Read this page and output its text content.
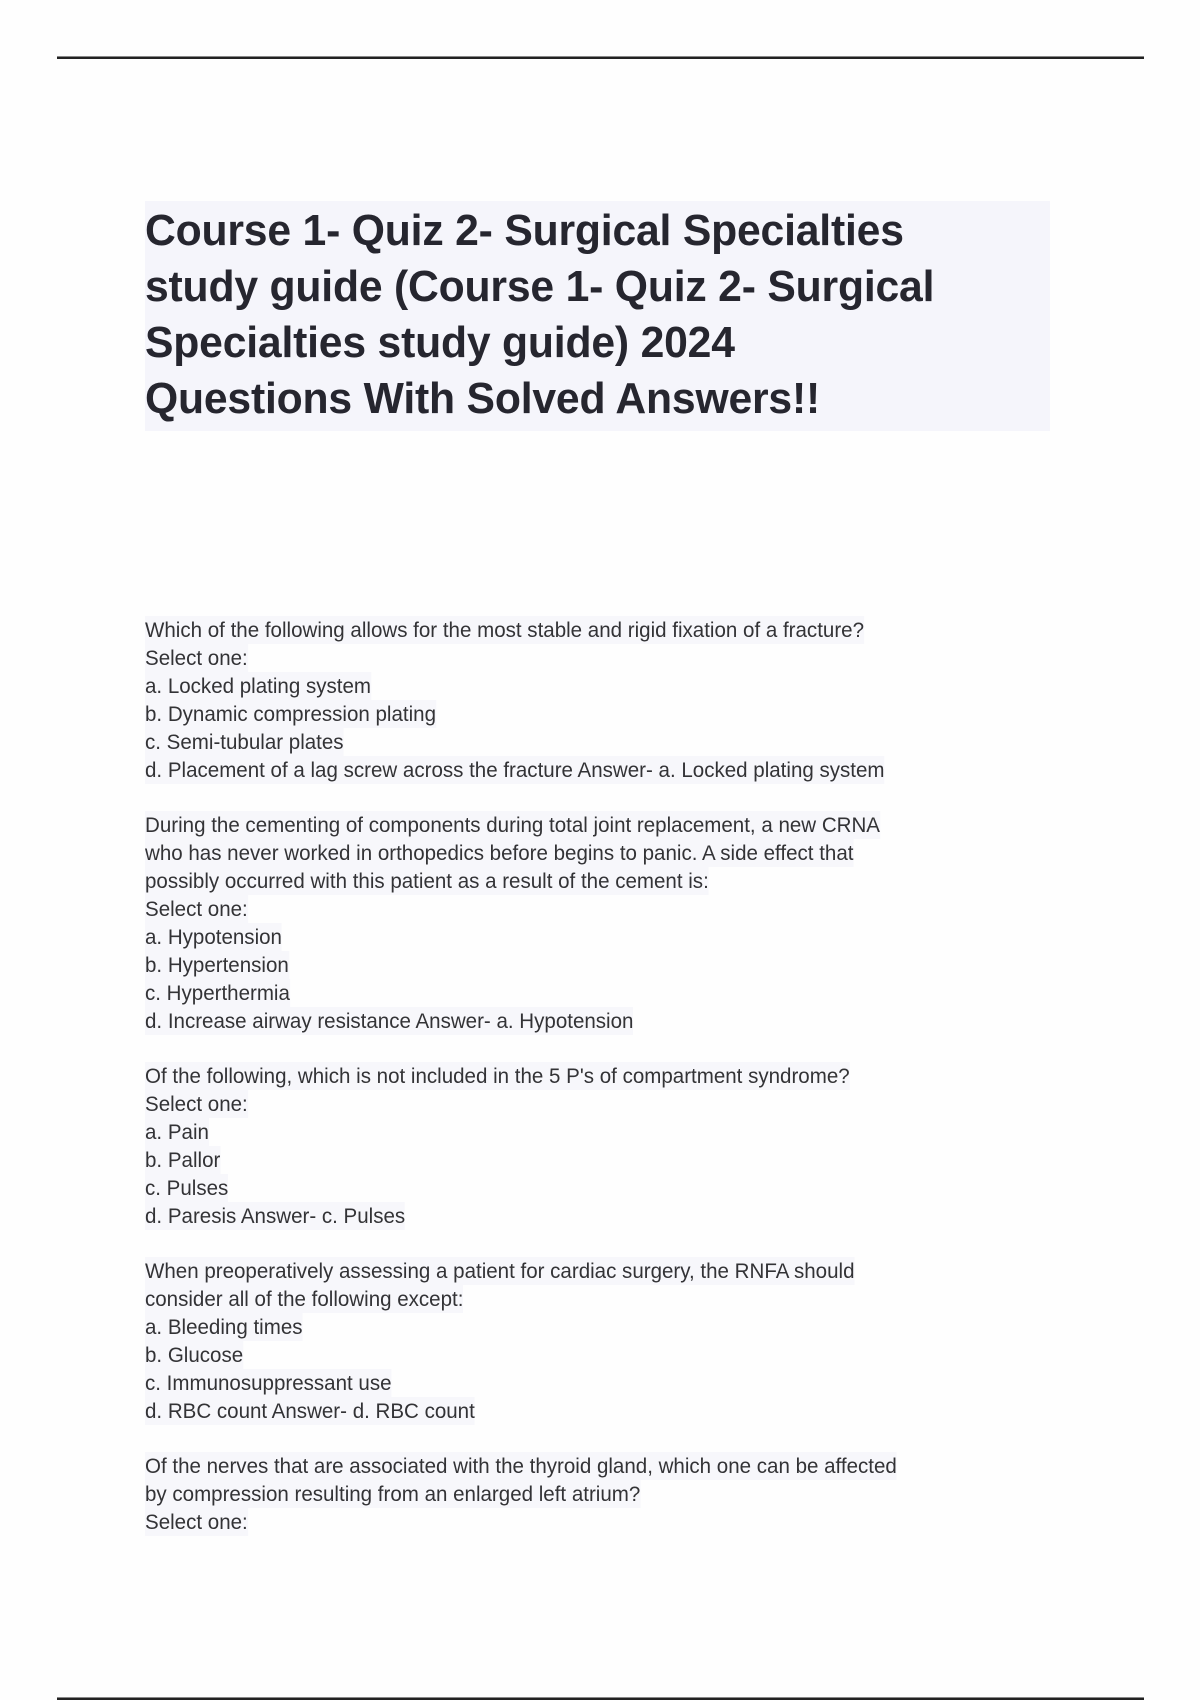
Course 1- Quiz 2- Surgical Specialties
study guide (Course 1- Quiz 2- Surgical
Specialties study guide) 2024
Questions With Solved Answers!!
Which of the following allows for the most stable and rigid fixation of a fracture?
Select one:
a. Locked plating system
b. Dynamic compression plating
c. Semi-tubular plates
d. Placement of a lag screw across the fracture Answer- a. Locked plating system
During the cementing of components during total joint replacement, a new CRNA
who has never worked in orthopedics before begins to panic. A side effect that
possibly occurred with this patient as a result of the cement is:
Select one:
a. Hypotension
b. Hypertension
c. Hyperthermia
d. Increase airway resistance Answer- a. Hypotension
Of the following, which is not included in the 5 P's of compartment syndrome?
Select one:
a. Pain
b. Pallor
c. Pulses
d. Paresis Answer- c. Pulses
When preoperatively assessing a patient for cardiac surgery, the RNFA should
consider all of the following except:
a. Bleeding times
b. Glucose
c. Immunosuppressant use
d. RBC count Answer- d. RBC count
Of the nerves that are associated with the thyroid gland, which one can be affected
by compression resulting from an enlarged left atrium?
Select one:
